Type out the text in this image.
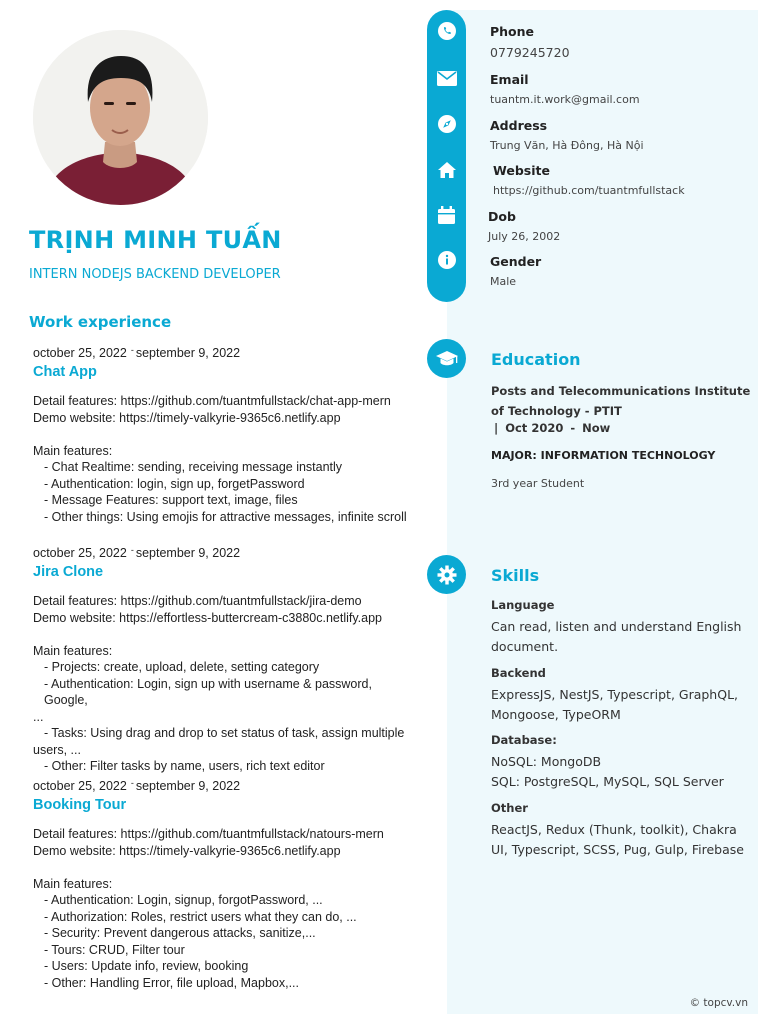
Phone
0779245720
Email
tuantm.it.work@gmail.com
Address
Trung Văn, Hà Đông, Hà Nội
Website
https://github.com/tuantmfullstack
Dob
July 26, 2002
Gender
Male
Education
Posts and Telecommunications Institute of Technology - PTIT
| Oct 2020 - Now
MAJOR: INFORMATION TECHNOLOGY
3rd year Student
Skills
Language
Can read, listen and understand English document.
Backend
ExpressJS, NestJS, Typescript, GraphQL, Mongoose, TypeORM
Database:
NoSQL: MongoDB
SQL: PostgreSQL, MySQL, SQL Server
Other
ReactJS, Redux (Thunk, toolkit), Chakra UI, Typescript, SCSS, Pug, Gulp, Firebase
© topcv.vn
TRỊNH MINH TUẤN
INTERN NODEJS BACKEND DEVELOPER
Work experience
october 25, 2022 - september 9, 2022
Chat App
Detail features: https://github.com/tuantmfullstack/chat-app-mern
Demo website: https://timely-valkyrie-9365c6.netlify.app
Main features:
- Chat Realtime: sending, receiving message instantly
- Authentication: login, sign up, forgetPassword
- Message Features: support text, image, files
- Other things: Using emojis for attractive messages, infinite scroll
october 25, 2022 - september 9, 2022
Jira Clone
Detail features: https://github.com/tuantmfullstack/jira-demo
Demo website: https://effortless-buttercream-c3880c.netlify.app
Main features:
- Projects: create, upload, delete, setting category
- Authentication: Login, sign up with username & password, Google,
...
- Tasks: Using drag and drop to set status of task, assign multiple
users, ...
- Other: Filter tasks by name, users, rich text editor
october 25, 2022 - september 9, 2022
Booking Tour
Detail features: https://github.com/tuantmfullstack/natours-mern
Demo website: https://timely-valkyrie-9365c6.netlify.app
Main features:
- Authentication: Login, signup, forgotPassword, ...
- Authorization: Roles, restrict users what they can do, ...
- Security: Prevent dangerous attacks, sanitize,...
- Tours: CRUD, Filter tour
- Users: Update info, review, booking
- Other: Handling Error, file upload, Mapbox,...
